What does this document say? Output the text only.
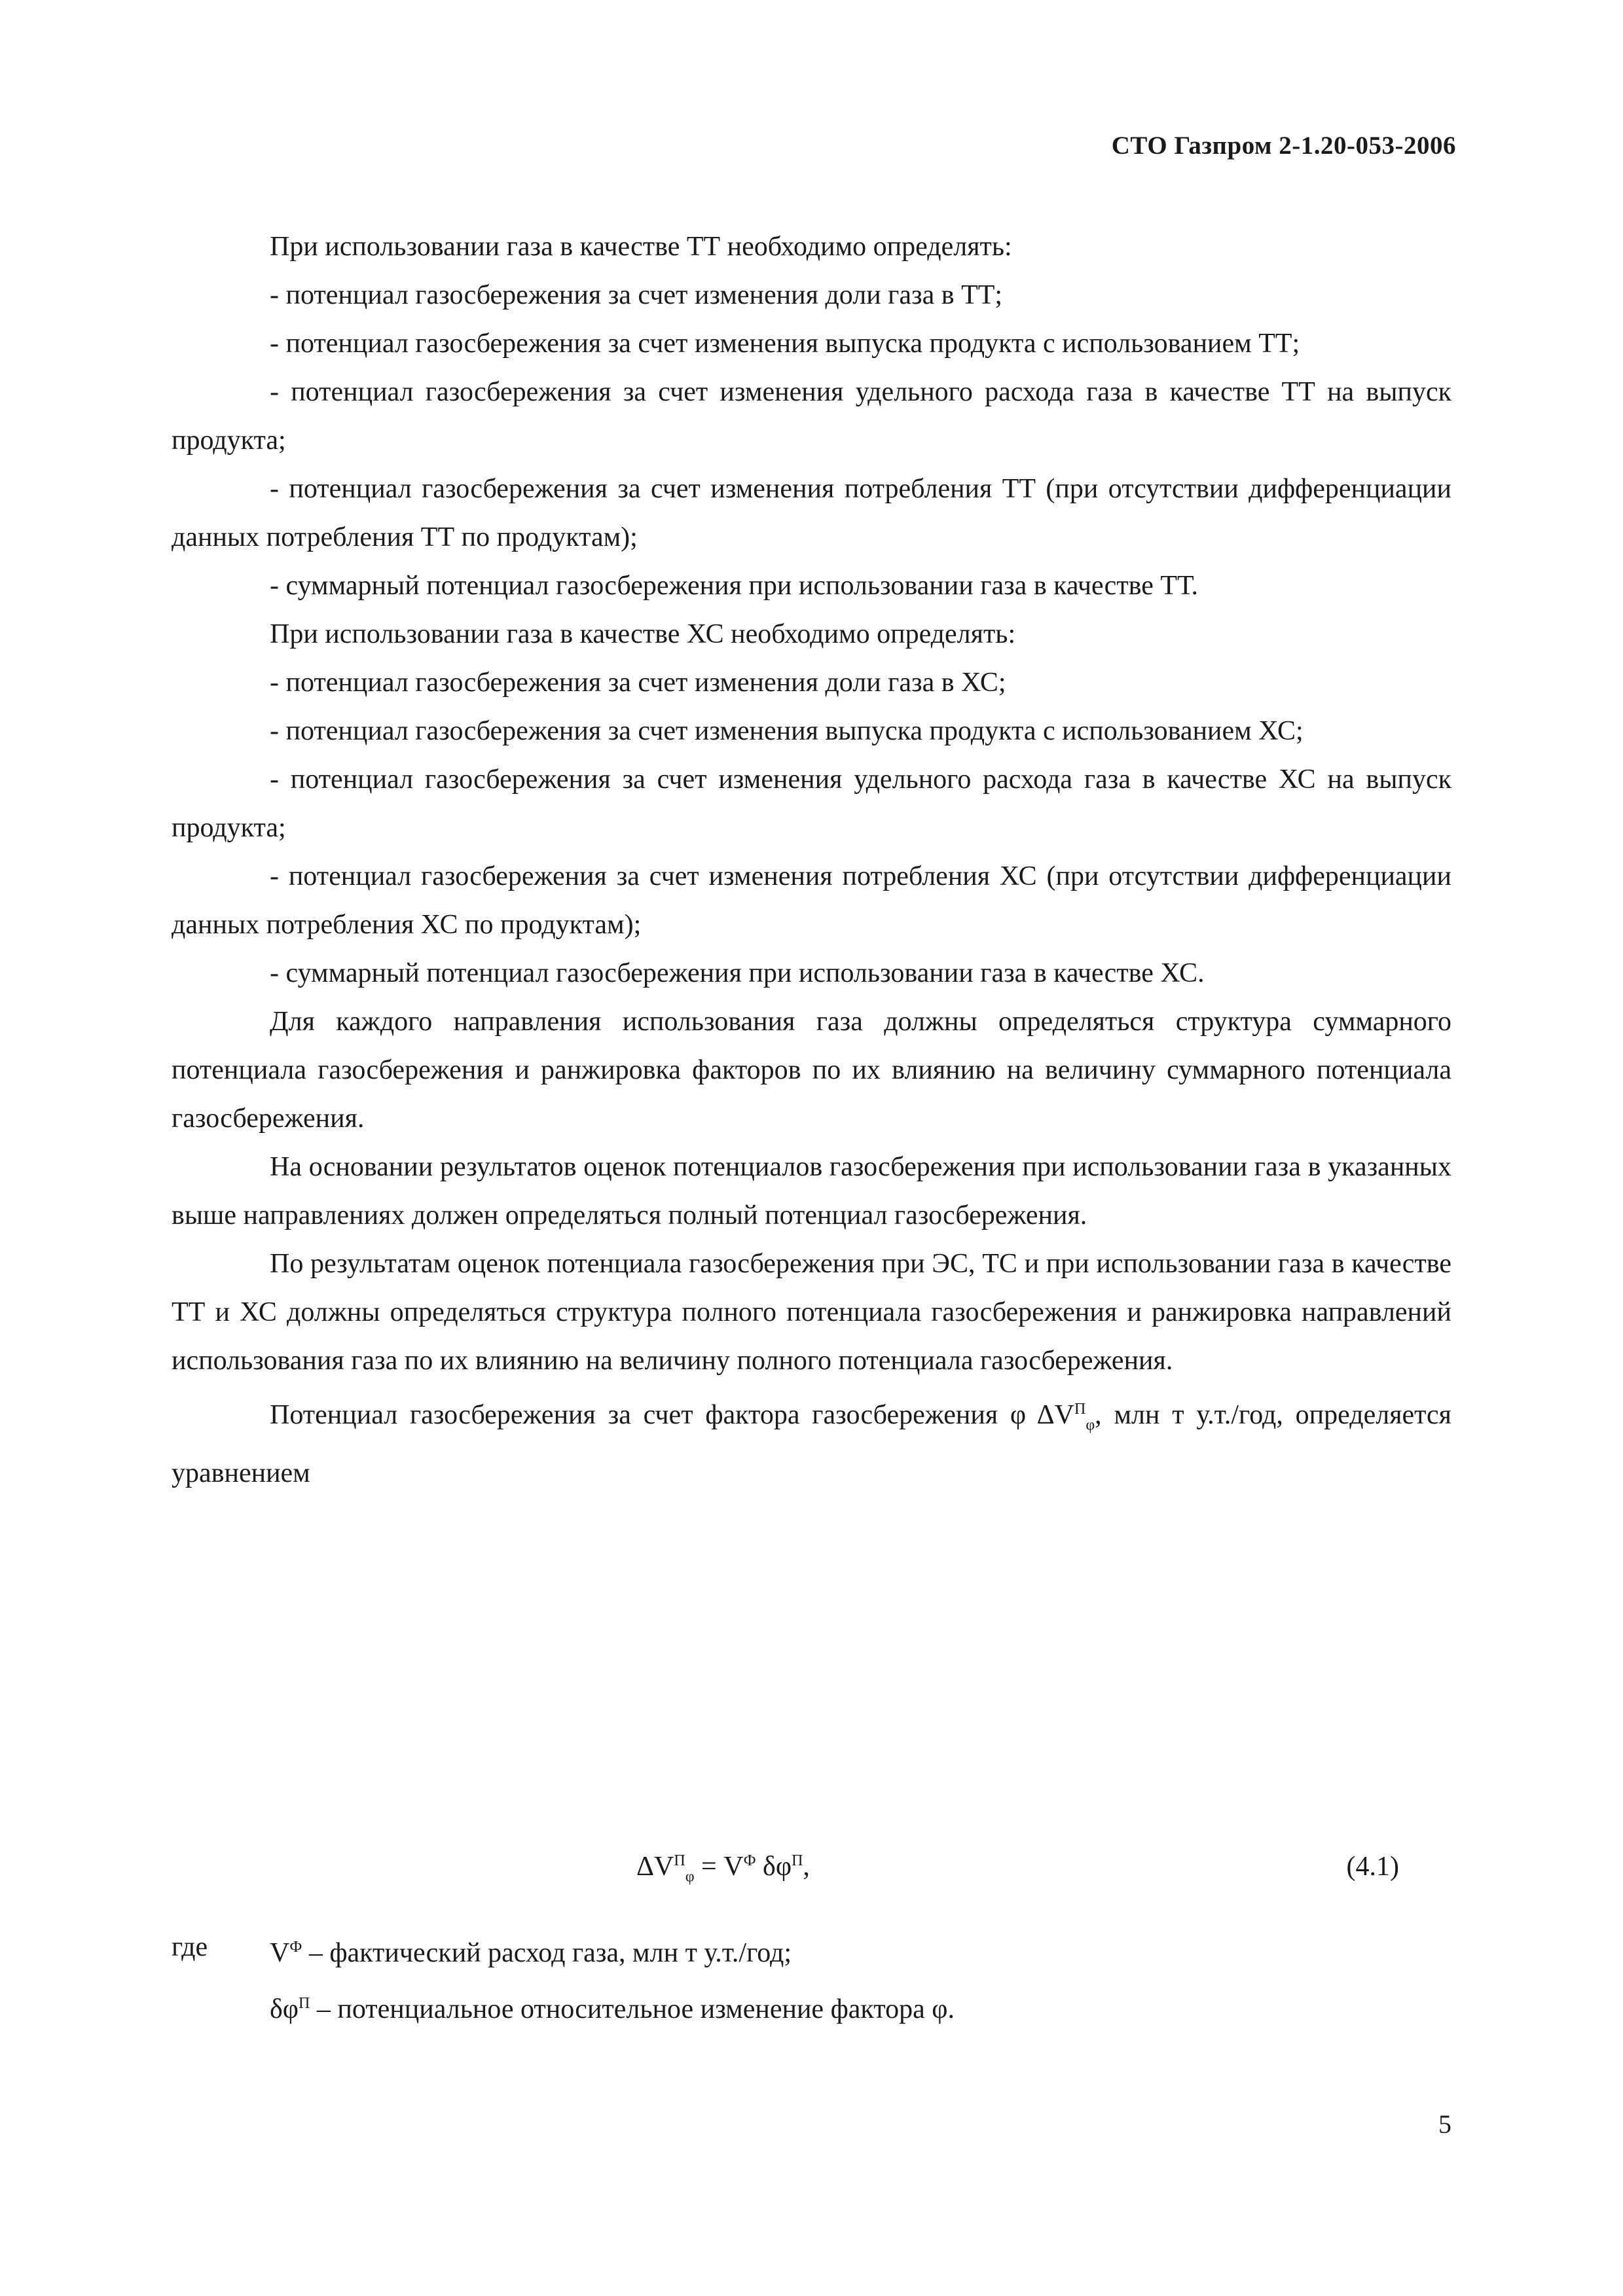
СТО Газпром 2-1.20-053-2006

При использовании газа в качестве ТТ необходимо определять:

- потенциал газосбережения за счет изменения доли газа в ТТ;

- потенциал газосбережения за счет изменения выпуска продукта с использованием ТТ;

- потенциал газосбережения за счет изменения удельного расхода газа в качестве ТТ на выпуск продукта;

- потенциал газосбережения за счет изменения потребления ТТ (при отсутствии дифференциации данных потребления ТТ по продуктам);

- суммарный потенциал газосбережения при использовании газа в качестве ТТ.

При использовании газа в качестве ХС необходимо определять:

- потенциал газосбережения за счет изменения доли газа в ХС;

- потенциал газосбережения за счет изменения выпуска продукта с использованием ХС;

- потенциал газосбережения за счет изменения удельного расхода газа в качестве ХС на выпуск продукта;

- потенциал газосбережения за счет изменения потребления ХС (при отсутствии дифференциации данных потребления ХС по продуктам);

- суммарный потенциал газосбережения при использовании газа в качестве ХС.

Для каждого направления использования газа должны определяться структура суммарного потенциала газосбережения и ранжировка факторов по их влиянию на величину суммарного потенциала газосбережения.

На основании результатов оценок потенциалов газосбережения при использовании газа в указанных выше направлениях должен определяться полный потенциал газосбережения.

По результатам оценок потенциала газосбережения при ЭС, ТС и при использовании газа в качестве ТТ и ХС должны определяться структура полного потенциала газосбережения и ранжировка направлений использования газа по их влиянию на величину полного потенциала газосбережения.

Потенциал газосбережения за счет фактора газосбережения φ $\Delta V^П_\varphi$, млн т у.т./год, определяется уравнением

$\Delta V^П_\varphi = V^Ф$ $\delta\varphi^П$,	(4.1)
где $V^Ф$ – фактический расход газа, млн т у.т./год;
$\delta\varphi^П$ – потенциальное относительное изменение фактора φ.
5
